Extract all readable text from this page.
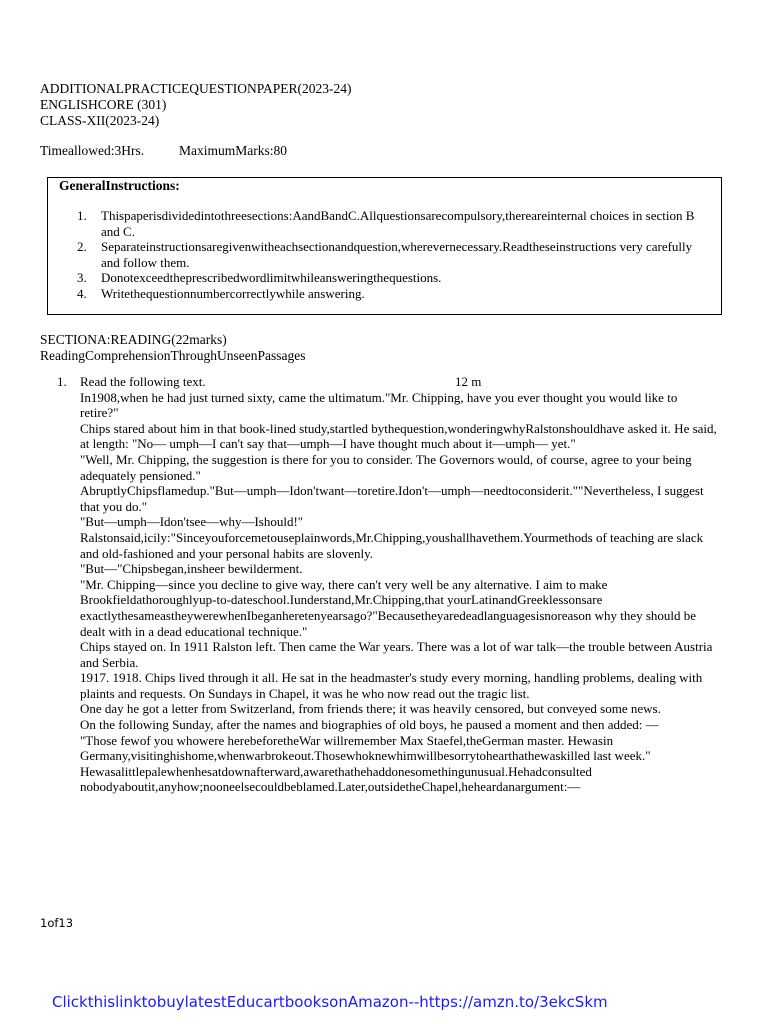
ADDITIONALPRACTICEQUESTIONPAPER(2023-24)
ENGLISHCORE (301)
CLASS-XII(2023-24)
Timeallowed:3Hrs.	MaximumMarks:80
GeneralInstructions:
1. Thispaperisdividedintothreesections:AandBandC.Allquestionsarecompulsory,thereareinternal choices in section B and C.
2. Separateinstructionsaregivenwitheachsectionandquestion,wherevernecessary.Readtheseinstructions very carefully and follow them.
3. Donotexceedtheprescribedwordlimitwhileansweringthequestions.
4. Writethequestionnumbercorrectlywhile answering.
SECTIONA:READING(22marks)
ReadingComprehensionThroughUnseenPassages
1.	Read the following text.	12 m

In1908,when he had just turned sixty, came the ultimatum."Mr. Chipping, have you ever thought you would like to retire?"

Chips stared about him in that book-lined study,startled bythequestion,wonderingwhyRalstonshouldhave asked it. He said, at length: "No— umph—I can't say that—umph—I have thought much about it—umph— yet."

"Well, Mr. Chipping, the suggestion is there for you to consider. The Governors would, of course, agree to your being adequately pensioned."

AbruptlyChipsflamedup."But—umph—Idon'twant—toretire.Idon't—umph—needtoconsiderit.""Nevertheless, I suggest that you do."

"But—umph—Idon'tsee—why—Ishould!"

Ralstonsaid,icily:"Sinceyouforcemetouseplainwords,Mr.Chipping,youshallhavethem.Yourmethods of teaching are slack and old-fashioned and your personal habits are slovenly.

"But—"Chipsbegan,insheer bewilderment.

"Mr. Chipping—since you decline to give way, there can't very well be any alternative. I aim to make Brookfieldathoroughlyup-to-dateschool.Iunderstand,Mr.Chipping,that yourLatinandGreeklessonsare exactlythesameastheywerewhenIbeganheretenyearsago?"Becausetheyaredeadlanguagesisnoreason why they should be dealt with in a dead educational technique."

Chips stayed on. In 1911 Ralston left. Then came the War years. There was a lot of war talk—the trouble between Austria and Serbia.

1917. 1918. Chips lived through it all. He sat in the headmaster's study every morning, handling problems, dealing with plaints and requests. On Sundays in Chapel, it was he who now read out the tragic list.

One day he got a letter from Switzerland, from friends there; it was heavily censored, but conveyed some news.

On the following Sunday, after the names and biographies of old boys, he paused a moment and then added: —

"Those fewof you whowere herebeforetheWar willremember Max Staefel,theGerman master. Hewasin Germany,visitinghishome,whenwarbrokeout.Thosewhoknewhimwillbesorrytohearthathewaskilled last week."

Hewasalittlepalewhenhesatdownafterward,awarethathehaddonesomethingunusual.Hehadconsulted nobodyaboutit,anyhow;nooneelsecouldbeblamed.Later,outsidetheChapel,heheardanargument:—

1of13
ClickthislinktobuylatestEducartbooksonAmazon--https://amzn.to/3ekcSkm
